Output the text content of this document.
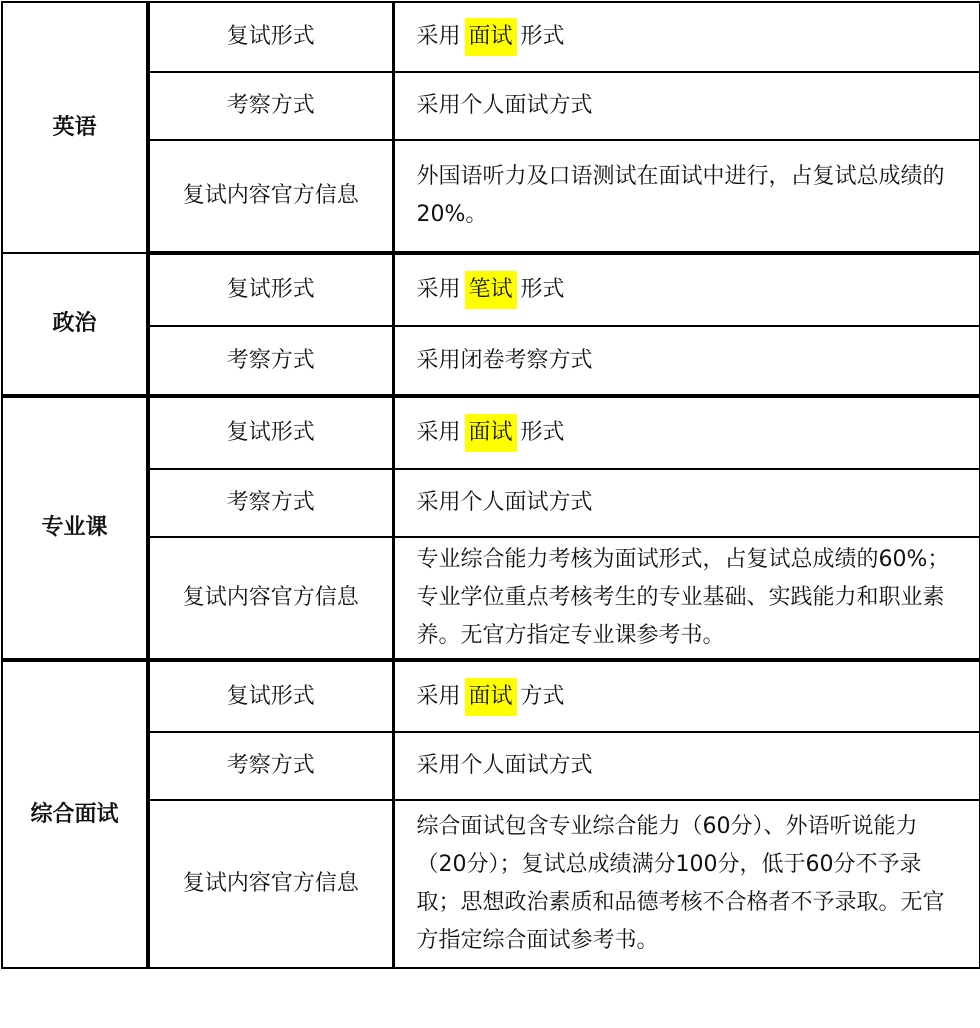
英语	复试形式	采用 面试 形式
	考察方式	采用个人面试方式
	复试内容官方信息	外国语听力及口语测试在面试中进行，占复试总成绩的20%。
政治	复试形式	采用 笔试 形式
	考察方式	采用闭卷考察方式
专业课	复试形式	采用 面试 形式
	考察方式	采用个人面试方式
	复试内容官方信息	专业综合能力考核为面试形式，占复试总成绩的60%；专业学位重点考核考生的专业基础、实践能力和职业素养。无官方指定专业课参考书。
综合面试	复试形式	采用 面试 方式
	考察方式	采用个人面试方式
	复试内容官方信息	综合面试包含专业综合能力（60分）、外语听说能力（20分）；复试总成绩满分100分，低于60分不予录取；思想政治素质和品德考核不合格者不予录取。无官方指定综合面试参考书。
